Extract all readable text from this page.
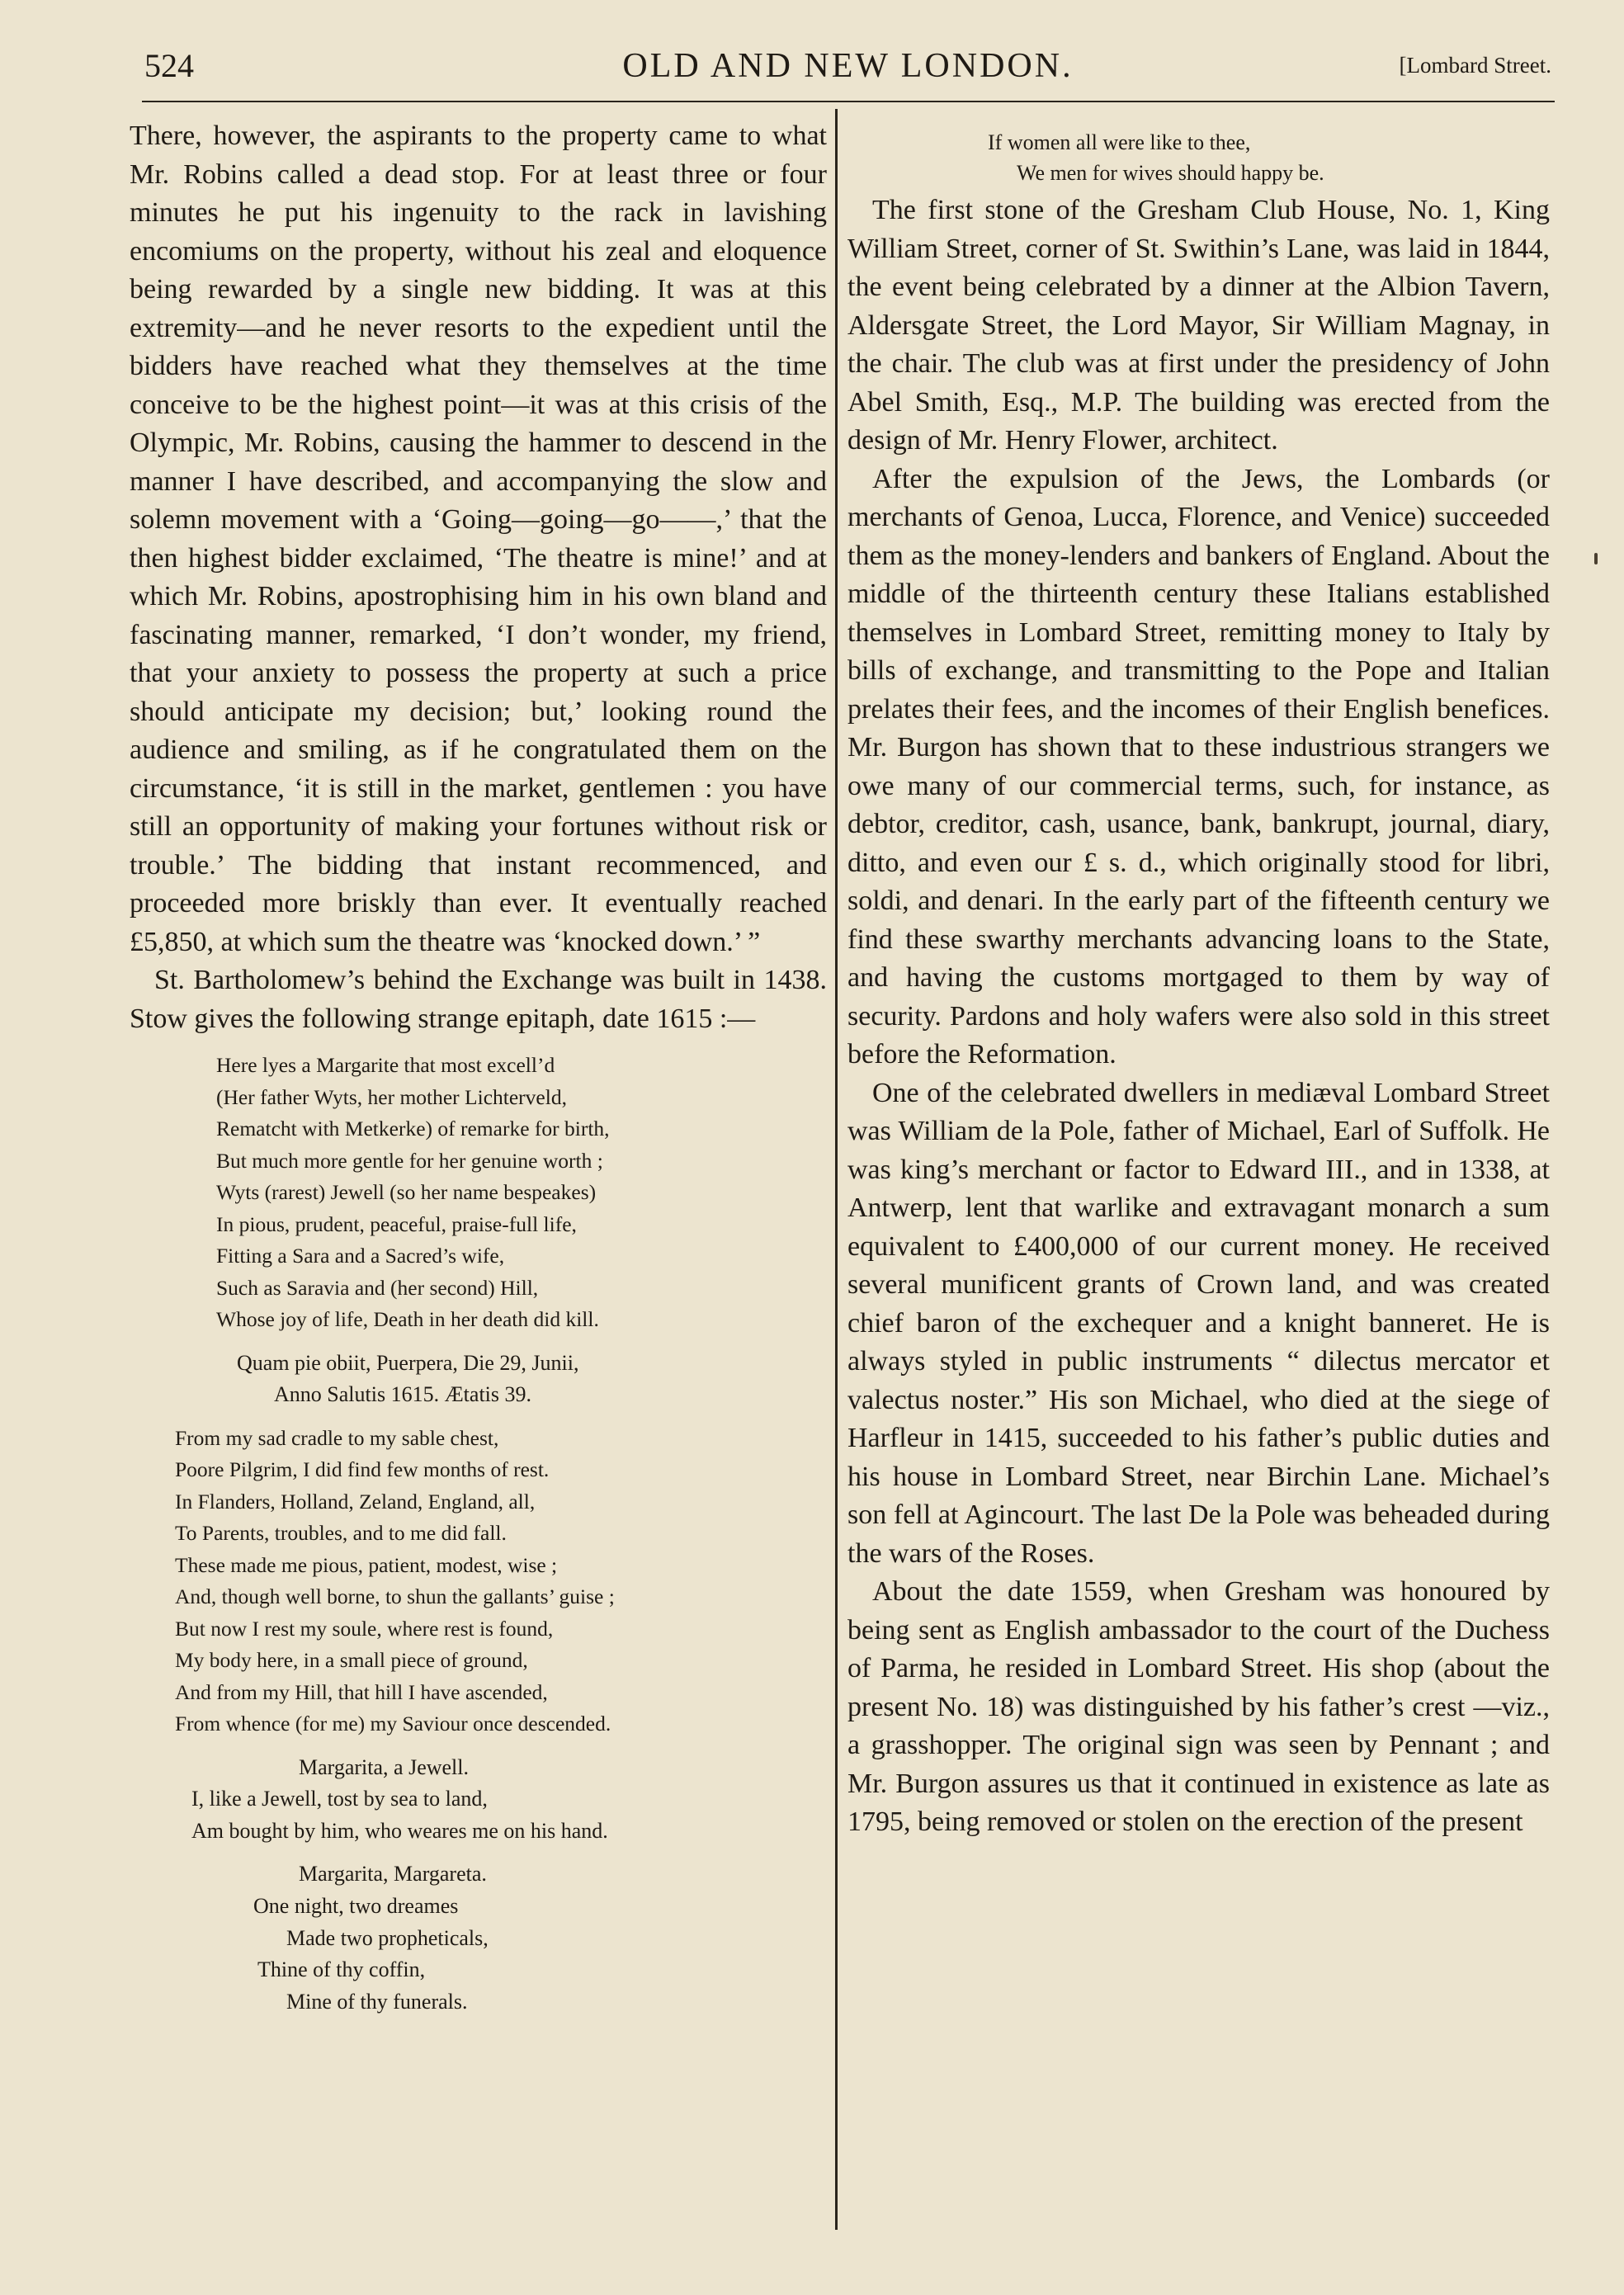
524	OLD AND NEW LONDON.	[Lombard Street.

There, however, the aspirants to the property came to what Mr. Robins called a dead stop. For at least three or four minutes he put his ingenuity to the rack in lavishing encomiums on the property, without his zeal and eloquence being rewarded by a single new bidding. It was at this extremity—and he never resorts to the expedient until the bidders have reached what they themselves at the time conceive to be the highest point—it was at this crisis of the Olympic, Mr. Robins, causing the hammer to descend in the manner I have described, and accompanying the slow and solemn movement with a ‘Going—going—go——,’ that the then highest bidder exclaimed, ‘The theatre is mine!’ and at which Mr. Robins, apostrophising him in his own bland and fascinating manner, remarked, ‘I don’t wonder, my friend, that your anxiety to possess the property at such a price should anticipate my decision; but,’ looking round the audience and smiling, as if he congratulated them on the circumstance, ‘it is still in the market, gentlemen : you have still an opportunity of making your fortunes without risk or trouble.’ The bidding that instant recommenced, and proceeded more briskly than ever. It eventually reached £5,850, at which sum the theatre was ‘knocked down.’ ”

St. Bartholomew’s behind the Exchange was built in 1438. Stow gives the following strange epitaph, date 1615 :—

Here lyes a Margarite that most excell’d
(Her father Wyts, her mother Lichterveld,
Rematcht with Metkerke) of remarke for birth,
But much more gentle for her genuine worth ;
Wyts (rarest) Jewell (so her name bespeakes)
In pious, prudent, peaceful, praise-full life,
Fitting a Sara and a Sacred’s wife,
Such as Saravia and (her second) Hill,
Whose joy of life, Death in her death did kill.
Quam pie obiit, Puerpera, Die 29, Junii,
Anno Salutis 1615. Ætatis 39.
From my sad cradle to my sable chest,
Poore Pilgrim, I did find few months of rest.
In Flanders, Holland, Zeland, England, all,
To Parents, troubles, and to me did fall.
These made me pious, patient, modest, wise ;
And, though well borne, to shun the gallants’ guise ;
But now I rest my soule, where rest is found,
My body here, in a small piece of ground,
And from my Hill, that hill I have ascended,
From whence (for me) my Saviour once descended.
Margarita, a Jewell.
I, like a Jewell, tost by sea to land,
Am bought by him, who weares me on his hand.
Margarita, Margareta.
One night, two dreames
Made two propheticals,
Thine of thy coffin,
Mine of thy funerals.
If women all were like to thee,
We men for wives should happy be.

The first stone of the Gresham Club House, No. 1, King William Street, corner of St. Swithin’s Lane, was laid in 1844, the event being celebrated by a dinner at the Albion Tavern, Aldersgate Street, the Lord Mayor, Sir William Magnay, in the chair. The club was at first under the presidency of John Abel Smith, Esq., M.P. The building was erected from the design of Mr. Henry Flower, architect.

After the expulsion of the Jews, the Lombards (or merchants of Genoa, Lucca, Florence, and Venice) succeeded them as the money-lenders and bankers of England. About the middle of the thirteenth century these Italians established themselves in Lombard Street, remitting money to Italy by bills of exchange, and transmitting to the Pope and Italian prelates their fees, and the incomes of their English benefices. Mr. Burgon has shown that to these industrious strangers we owe many of our commercial terms, such, for instance, as debtor, creditor, cash, usance, bank, bankrupt, journal, diary, ditto, and even our £ s. d., which originally stood for libri, soldi, and denari. In the early part of the fifteenth century we find these swarthy merchants advancing loans to the State, and having the customs mortgaged to them by way of security. Pardons and holy wafers were also sold in this street before the Reformation.

One of the celebrated dwellers in mediæval Lombard Street was William de la Pole, father of Michael, Earl of Suffolk. He was king’s merchant or factor to Edward III., and in 1338, at Antwerp, lent that warlike and extravagant monarch a sum equivalent to £400,000 of our current money. He received several munificent grants of Crown land, and was created chief baron of the exchequer and a knight banneret. He is always styled in public instruments “ dilectus mercator et valectus noster.” His son Michael, who died at the siege of Harfleur in 1415, succeeded to his father’s public duties and his house in Lombard Street, near Birchin Lane. Michael’s son fell at Agincourt. The last De la Pole was beheaded during the wars of the Roses.

About the date 1559, when Gresham was honoured by being sent as English ambassador to the court of the Duchess of Parma, he resided in Lombard Street. His shop (about the present No. 18) was distinguished by his father’s crest —viz., a grasshopper. The original sign was seen by Pennant ; and Mr. Burgon assures us that it continued in existence as late as 1795, being removed or stolen on the erection of the present
